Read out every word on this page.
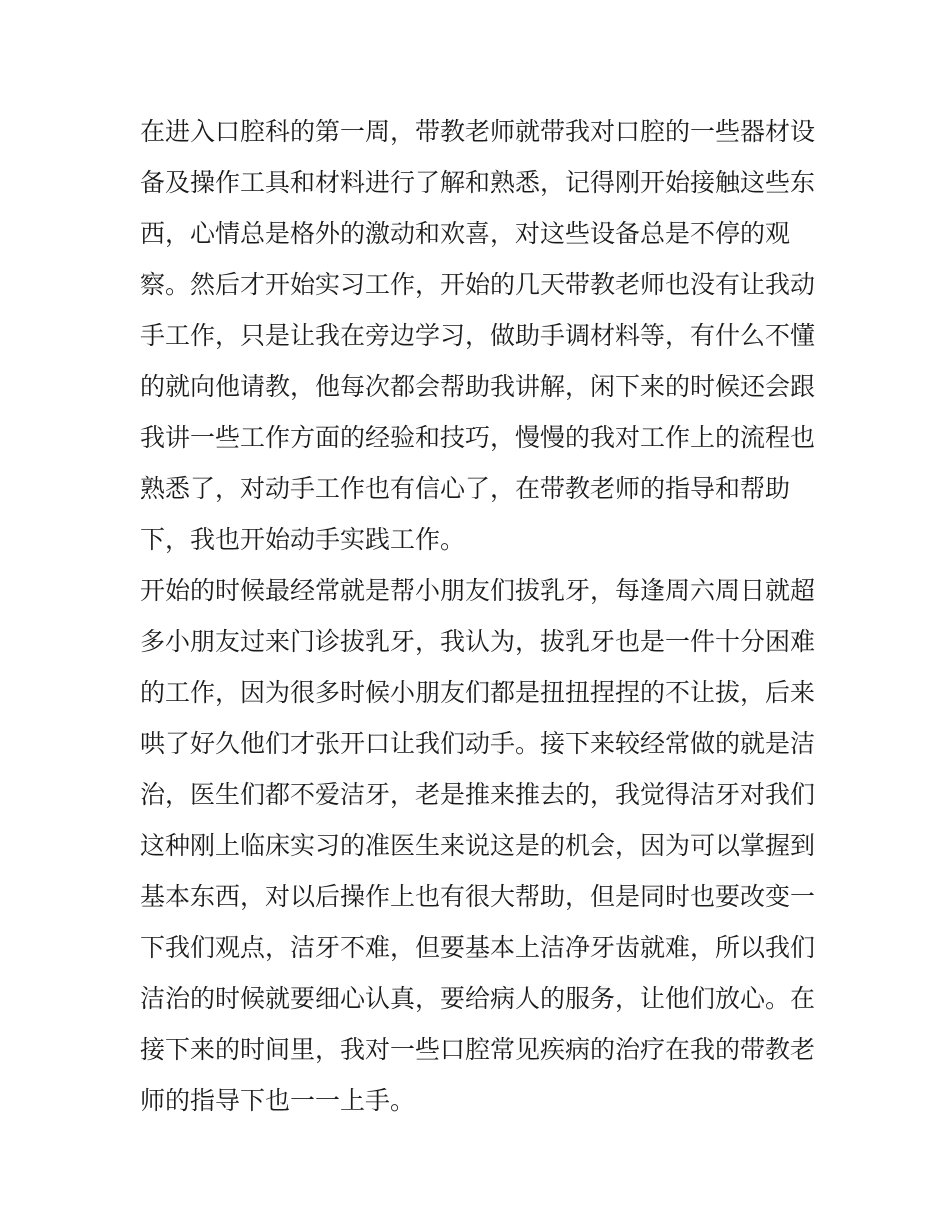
在进入口腔科的第一周，带教老师就带我对口腔的一些器材设
备及操作工具和材料进行了解和熟悉，记得刚开始接触这些东
西，心情总是格外的激动和欢喜，对这些设备总是不停的观
察。然后才开始实习工作，开始的几天带教老师也没有让我动
手工作，只是让我在旁边学习，做助手调材料等，有什么不懂
的就向他请教，他每次都会帮助我讲解，闲下来的时候还会跟
我讲一些工作方面的经验和技巧，慢慢的我对工作上的流程也
熟悉了，对动手工作也有信心了，在带教老师的指导和帮助
下，我也开始动手实践工作。
开始的时候最经常就是帮小朋友们拔乳牙，每逢周六周日就超
多小朋友过来门诊拔乳牙，我认为，拔乳牙也是一件十分困难
的工作，因为很多时候小朋友们都是扭扭捏捏的不让拔，后来
哄了好久他们才张开口让我们动手。接下来较经常做的就是洁
治，医生们都不爱洁牙，老是推来推去的，我觉得洁牙对我们
这种刚上临床实习的准医生来说这是的机会，因为可以掌握到
基本东西，对以后操作上也有很大帮助，但是同时也要改变一
下我们观点，洁牙不难，但要基本上洁净牙齿就难，所以我们
洁治的时候就要细心认真，要给病人的服务，让他们放心。在
接下来的时间里，我对一些口腔常见疾病的治疗在我的带教老
师的指导下也一一上手。
